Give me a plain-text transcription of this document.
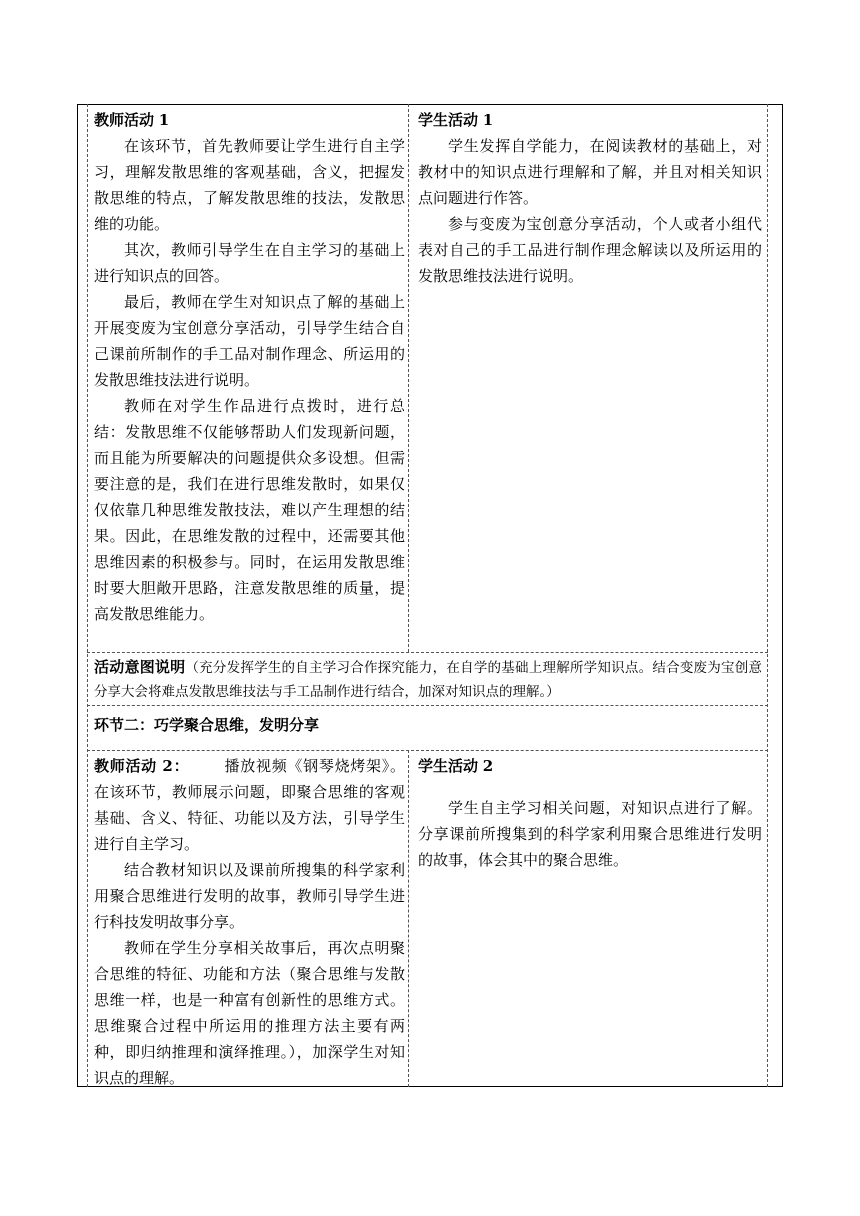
教师活动 1

在该环节，首先教师要让学生进行自主学习，理解发散思维的客观基础，含义，把握发散思维的特点，了解发散思维的技法，发散思维的功能。

其次，教师引导学生在自主学习的基础上进行知识点的回答。

最后，教师在学生对知识点了解的基础上开展变废为宝创意分享活动，引导学生结合自己课前所制作的手工品对制作理念、所运用的发散思维技法进行说明。

教师在对学生作品进行点拨时，进行总结：发散思维不仅能够帮助人们发现新问题，而且能为所要解决的问题提供众多设想。但需要注意的是，我们在进行思维发散时，如果仅仅依靠几种思维发散技法，难以产生理想的结果。因此，在思维发散的过程中，还需要其他思维因素的积极参与。同时，在运用发散思维时要大胆敞开思路，注意发散思维的质量，提高发散思维能力。

学生活动 1

学生发挥自学能力，在阅读教材的基础上，对教材中的知识点进行理解和了解，并且对相关知识点问题进行作答。

参与变废为宝创意分享活动，个人或者小组代表对自己的手工品进行制作理念解读以及所运用的发散思维技法进行说明。

活动意图说明（充分发挥学生的自主学习合作探究能力，在自学的基础上理解所学知识点。结合变废为宝创意分享大会将难点发散思维技法与手工品制作进行结合，加深对知识点的理解。）
环节二：巧学聚合思维，发明分享

教师活动 2： 播放视频《钢琴烧烤架》。在该环节，教师展示问题，即聚合思维的客观基础、含义、特征、功能以及方法，引导学生进行自主学习。

结合教材知识以及课前所搜集的科学家利用聚合思维进行发明的故事，教师引导学生进行科技发明故事分享。

教师在学生分享相关故事后，再次点明聚合思维的特征、功能和方法（聚合思维与发散思维一样，也是一种富有创新性的思维方式。思维聚合过程中所运用的推理方法主要有两种，即归纳推理和演绎推理。），加深学生对知识点的理解。

学生活动 2

学生自主学习相关问题，对知识点进行了解。分享课前所搜集到的科学家利用聚合思维进行发明的故事，体会其中的聚合思维。
